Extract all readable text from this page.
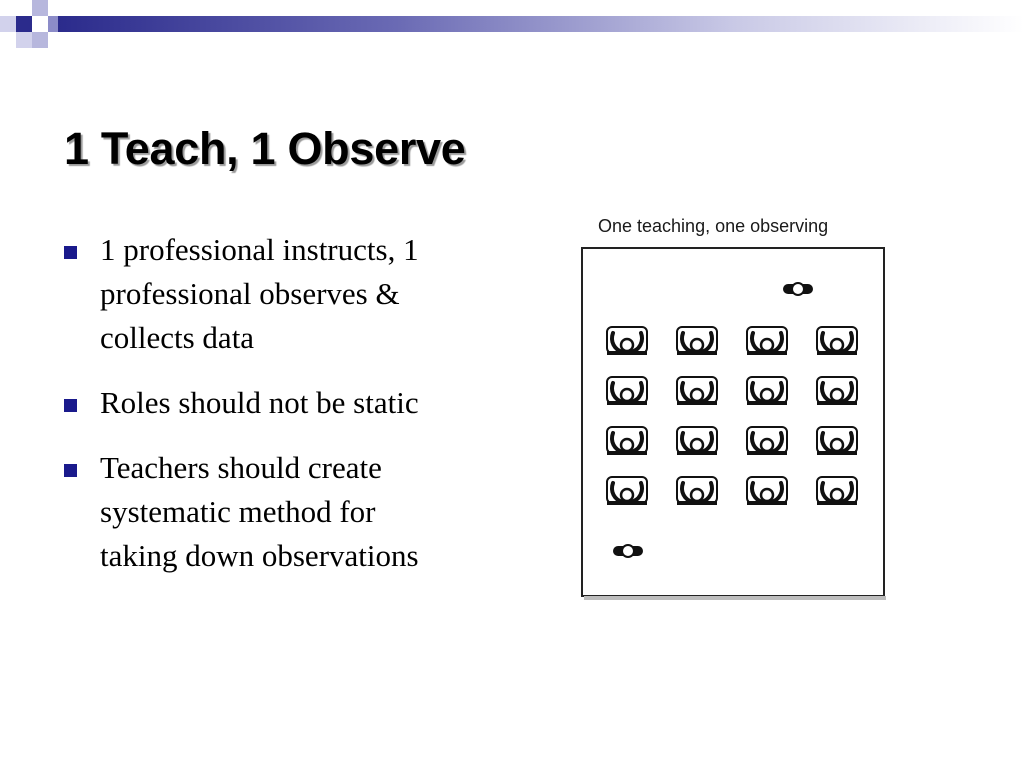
1 Teach, 1 Observe
1 professional instructs, 1
professional observes &
collects data
Roles should not be static
Teachers should create
systematic method for
taking down observations

One teaching, one observing
